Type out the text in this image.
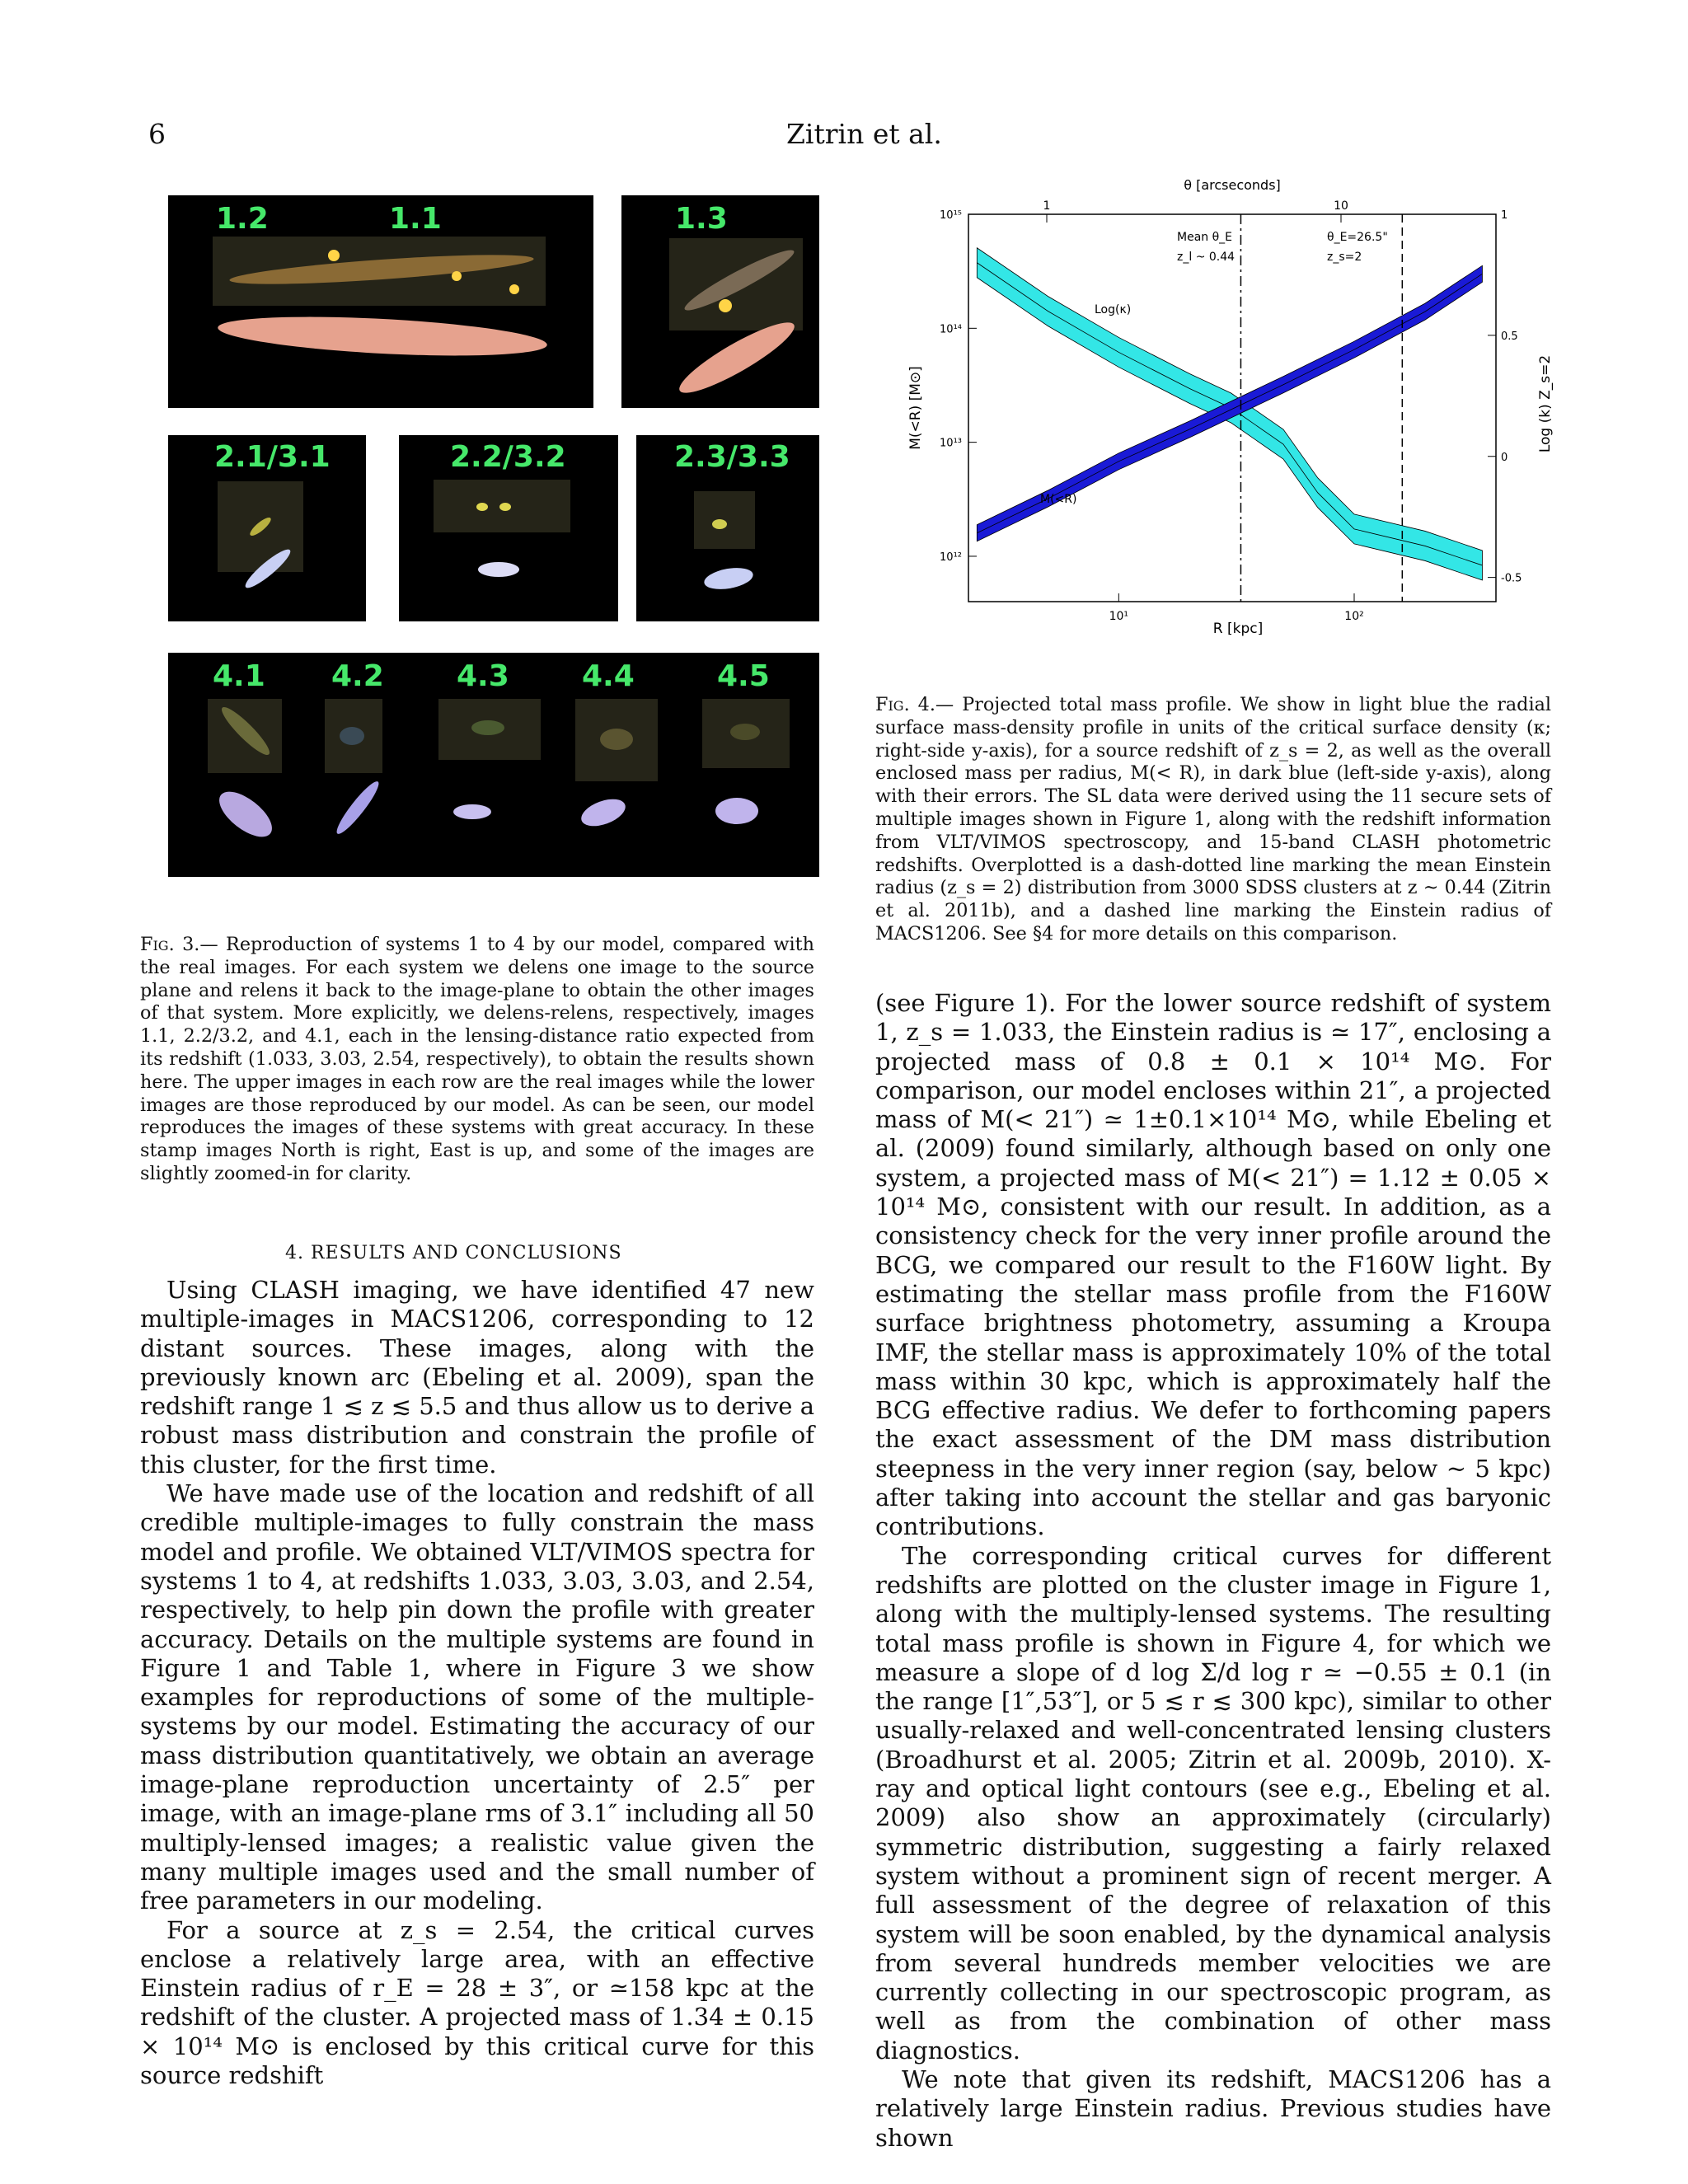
6	Zitrin et al.
1.2	1.1	1.3
2.1/3.1	2.2/3.2	2.3/3.3
4.1 4.2 4.3 4.4	4.5
Fig. 3.— Reproduction of systems 1 to 4 by our model, compared with the real images. For each system we delens one image to the source plane and relens it back to the image-plane to obtain the other images of that system. More explicitly, we delens-relens, respectively, images 1.1, 2.2/3.2, and 4.1, each in the lensing-distance ratio expected from its redshift (1.033, 3.03, 2.54, respectively), to obtain the results shown here. The upper images in each row are the real images while the lower images are those reproduced by our model. As can be seen, our model reproduces the images of these systems with great accuracy. In these stamp images North is right, East is up, and some of the images are slightly zoomed-in for clarity.
10¹⁵
10¹⁴
10¹³
10¹²
1
0.5
0
-0.5
10¹	10²
1	10
θ [arcseconds]
R [kpc]
M(<R) [M⊙]	Log (k) Z_s=2
Mean θ_E
z_l ~ 0.44
θ_E=26.5"
z_s=2
Log(κ)
M(<R)
Fig. 4.— Projected total mass profile. We show in light blue the radial surface mass-density profile in units of the critical surface density (κ; right-side y-axis), for a source redshift of z_s = 2, as well as the overall enclosed mass per radius, M(< R), in dark blue (left-side y-axis), along with their errors. The SL data were derived using the 11 secure sets of multiple images shown in Figure 1, along with the redshift information from VLT/VIMOS spectroscopy, and 15-band CLASH photometric redshifts. Overplotted is a dash-dotted line marking the mean Einstein radius (z_s = 2) distribution from 3000 SDSS clusters at z ~ 0.44 (Zitrin et al. 2011b), and a dashed line marking the Einstein radius of MACS1206. See §4 for more details on this comparison.
4. RESULTS AND CONCLUSIONS

Using CLASH imaging, we have identified 47 new multiple-images in MACS1206, corresponding to 12 distant sources. These images, along with the previously known arc (Ebeling et al. 2009), span the redshift range 1 ≲ z ≲ 5.5 and thus allow us to derive a robust mass distribution and constrain the profile of this cluster, for the first time.

We have made use of the location and redshift of all credible multiple-images to fully constrain the mass model and profile. We obtained VLT/VIMOS spectra for systems 1 to 4, at redshifts 1.033, 3.03, 3.03, and 2.54, respectively, to help pin down the profile with greater accuracy. Details on the multiple systems are found in Figure 1 and Table 1, where in Figure 3 we show examples for reproductions of some of the multiple-systems by our model. Estimating the accuracy of our mass distribution quantitatively, we obtain an average image-plane reproduction uncertainty of 2.5″ per image, with an image-plane rms of 3.1″ including all 50 multiply-lensed images; a realistic value given the many multiple images used and the small number of free parameters in our modeling.

For a source at z_s = 2.54, the critical curves enclose a relatively large area, with an effective Einstein radius of r_E = 28 ± 3″, or ≃158 kpc at the redshift of the cluster. A projected mass of 1.34 ± 0.15 × 10¹⁴ M⊙ is enclosed by this critical curve for this source redshift

(see Figure 1). For the lower source redshift of system 1, z_s = 1.033, the Einstein radius is ≃ 17″, enclosing a projected mass of 0.8 ± 0.1 × 10¹⁴ M⊙. For comparison, our model encloses within 21″, a projected mass of M(< 21″) ≃ 1±0.1×10¹⁴ M⊙, while Ebeling et al. (2009) found similarly, although based on only one system, a projected mass of M(< 21″) = 1.12 ± 0.05 × 10¹⁴ M⊙, consistent with our result. In addition, as a consistency check for the very inner profile around the BCG, we compared our result to the F160W light. By estimating the stellar mass profile from the F160W surface brightness photometry, assuming a Kroupa IMF, the stellar mass is approximately 10% of the total mass within 30 kpc, which is approximately half the BCG effective radius. We defer to forthcoming papers the exact assessment of the DM mass distribution steepness in the very inner region (say, below ~ 5 kpc) after taking into account the stellar and gas baryonic contributions.

The corresponding critical curves for different redshifts are plotted on the cluster image in Figure 1, along with the multiply-lensed systems. The resulting total mass profile is shown in Figure 4, for which we measure a slope of d log Σ/d log r ≃ −0.55 ± 0.1 (in the range [1″,53″], or 5 ≲ r ≲ 300 kpc), similar to other usually-relaxed and well-concentrated lensing clusters (Broadhurst et al. 2005; Zitrin et al. 2009b, 2010). X-ray and optical light contours (see e.g., Ebeling et al. 2009) also show an approximately (circularly) symmetric distribution, suggesting a fairly relaxed system without a prominent sign of recent merger. A full assessment of the degree of relaxation of this system will be soon enabled, by the dynamical analysis from several hundreds member velocities we are currently collecting in our spectroscopic program, as well as from the combination of other mass diagnostics.

We note that given its redshift, MACS1206 has a relatively large Einstein radius. Previous studies have shown
